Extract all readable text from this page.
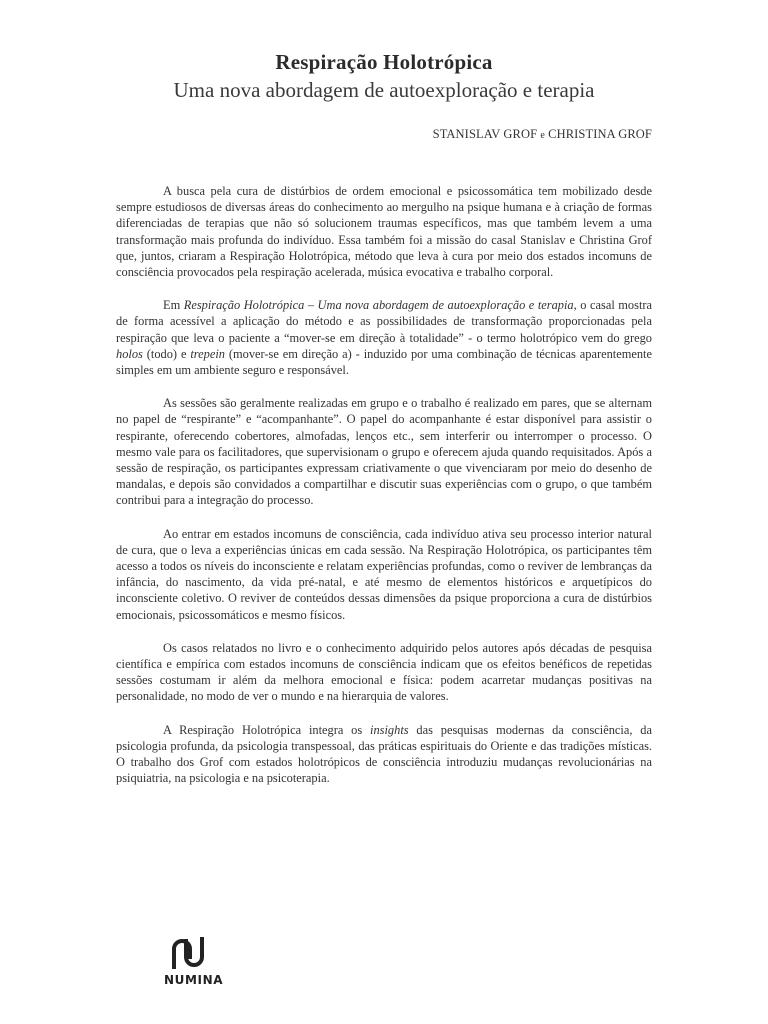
Respiração Holotrópica
Uma nova abordagem de autoexploração e terapia
STANISLAV GROF e CHRISTINA GROF

A busca pela cura de distúrbios de ordem emocional e psicossomática tem mobilizado desde sempre estudiosos de diversas áreas do conhecimento ao mergulho na psique humana e à criação de formas diferenciadas de terapias que não só solucionem traumas específicos, mas que também levem a uma transformação mais profunda do indivíduo. Essa também foi a missão do casal Stanislav e Christina Grof que, juntos, criaram a Respiração Holotrópica, método que leva à cura por meio dos estados incomuns de consciência provocados pela respiração acelerada, música evocativa e trabalho corporal.

Em Respiração Holotrópica – Uma nova abordagem de autoexploração e terapia, o casal mostra de forma acessível a aplicação do método e as possibilidades de transformação proporcionadas pela respiração que leva o paciente a “mover-se em direção à totalidade” - o termo holotrópico vem do grego holos (todo) e trepein (mover-se em direção a) - induzido por uma combinação de técnicas aparentemente simples em um ambiente seguro e responsável.

As sessões são geralmente realizadas em grupo e o trabalho é realizado em pares, que se alternam no papel de “respirante” e “acompanhante”. O papel do acompanhante é estar disponível para assistir o respirante, oferecendo cobertores, almofadas, lenços etc., sem interferir ou interromper o processo. O mesmo vale para os facilitadores, que supervisionam o grupo e oferecem ajuda quando requisitados. Após a sessão de respiração, os participantes expressam criativamente o que vivenciaram por meio do desenho de mandalas, e depois são convidados a compartilhar e discutir suas experiências com o grupo, o que também contribui para a integração do processo.

Ao entrar em estados incomuns de consciência, cada indivíduo ativa seu processo interior natural de cura, que o leva a experiências únicas em cada sessão. Na Respiração Holotrópica, os participantes têm acesso a todos os níveis do inconsciente e relatam experiências profundas, como o reviver de lembranças da infância, do nascimento, da vida pré-natal, e até mesmo de elementos históricos e arquetípicos do inconsciente coletivo. O reviver de conteúdos dessas dimensões da psique proporciona a cura de distúrbios emocionais, psicossomáticos e mesmo físicos.

Os casos relatados no livro e o conhecimento adquirido pelos autores após décadas de pesquisa científica e empírica com estados incomuns de consciência indicam que os efeitos benéficos de repetidas sessões costumam ir além da melhora emocional e física: podem acarretar mudanças positivas na personalidade, no modo de ver o mundo e na hierarquia de valores.

A Respiração Holotrópica integra os insights das pesquisas modernas da consciência, da psicologia profunda, da psicologia transpessoal, das práticas espirituais do Oriente e das tradições místicas. O trabalho dos Grof com estados holotrópicos de consciência introduziu mudanças revolucionárias na psiquiatria, na psicologia e na psicoterapia.

NUMINA
